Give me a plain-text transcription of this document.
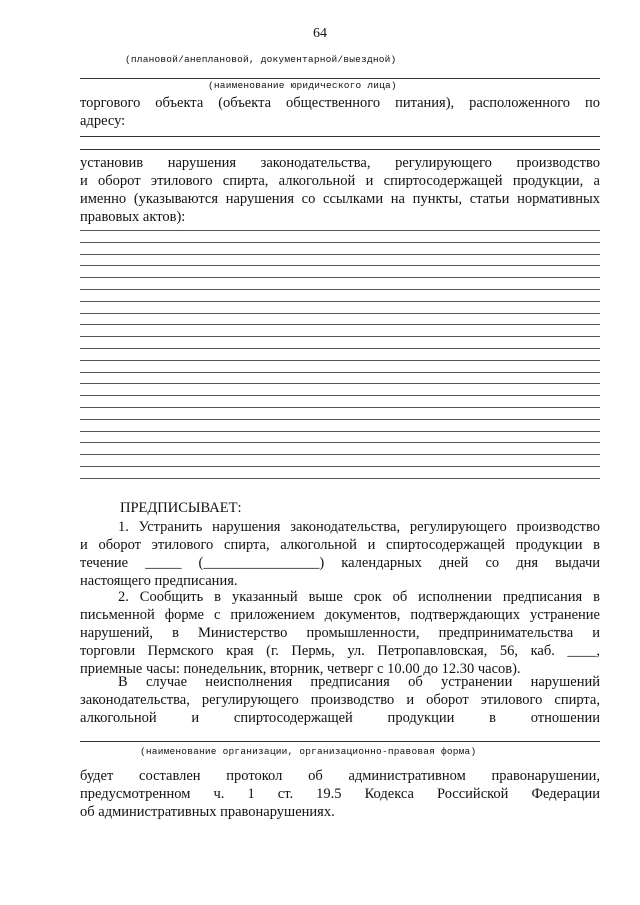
64
(плановой/анеплановой, документарной/выездной)
(наименование юридического лица)
торгового объекта (объекта общественного питания), расположенного по
адресу:
установив нарушения законодательства, регулирующего производство
и оборот этилового спирта, алкогольной и спиртосодержащей продукции, а
именно (указываются нарушения со ссылками на пункты, статьи нормативных
правовых актов):
ПРЕДПИСЫВАЕТ:
1. Устранить нарушения законодательства, регулирующего производство
и оборот этилового спирта, алкогольной и спиртосодержащей продукции в
течение _____ (________________) календарных дней со дня выдачи
настоящего предписания.
2. Сообщить в указанный выше срок об исполнении предписания в
письменной форме с приложением документов, подтверждающих устранение
нарушений, в Министерство промышленности, предпринимательства и
торговли Пермского края (г. Пермь, ул. Петропавловская, 56, каб. ____,
приемные часы: понедельник, вторник, четверг с 10.00 до 12.30 часов).
В случае неисполнения предписания об устранении нарушений
законодательства, регулирующего производство и оборот этилового спирта,
алкогольной и спиртосодержащей продукции в отношении
(наименование организации, организационно-правовая форма)
будет составлен протокол об административном правонарушении,
предусмотренном ч. 1 ст. 19.5 Кодекса Российской Федерации
об административных правонарушениях.
